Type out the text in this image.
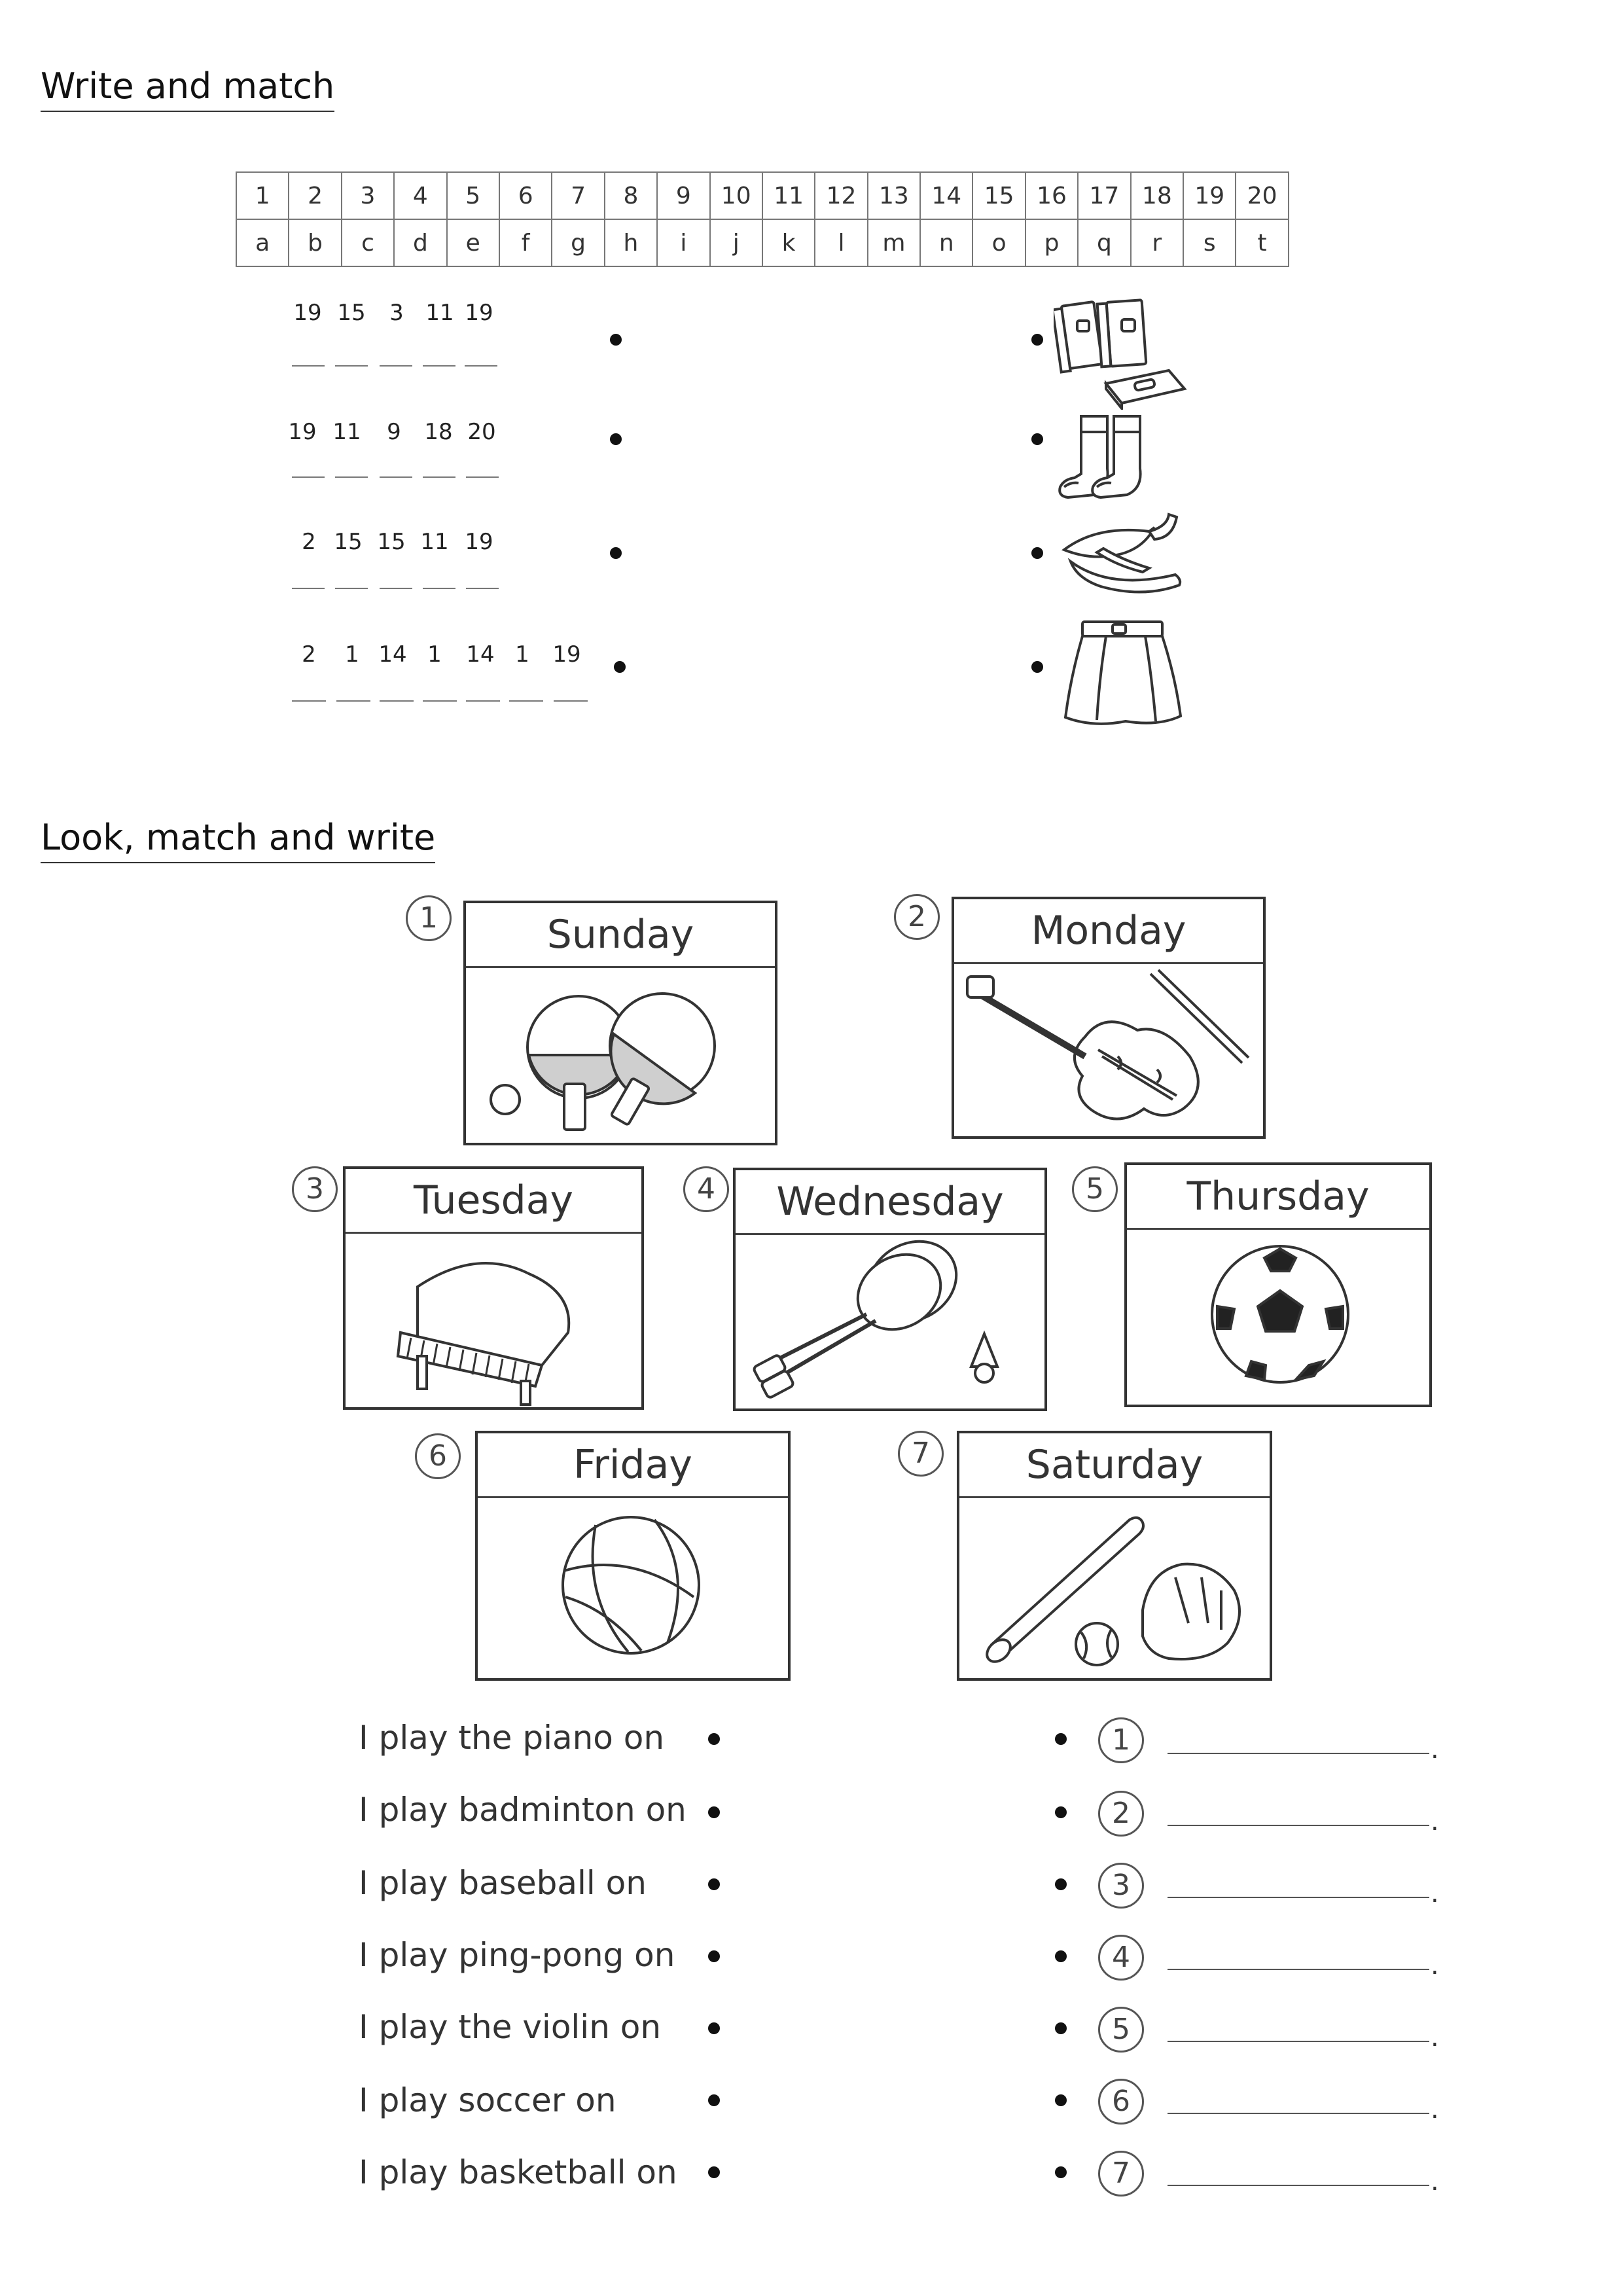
Write and match
1	2	3	4	5	6	7	8	9	10	11	12	13	14	15	16	17	18	19	20
a	b	c	d	e	f	g	h	i	j	k	l	m	n	o	p	q	r	s	t
19 15	3 11 19
19 11	9	18 20
2 15 15 11 19
2	1 14 1	14 1	19
Look, match and write
1	Sunday	2	Monday
3	Tuesday	4	Wednesday	5	Thursday
6	Friday	7	Saturday
I play the piano on
I play badminton on
I play baseball on
I play ping-pong on
I play the violin on
I play soccer on
I play basketball on
1
2
3
4
5
6
7
.
.
.
.
.
.
.
